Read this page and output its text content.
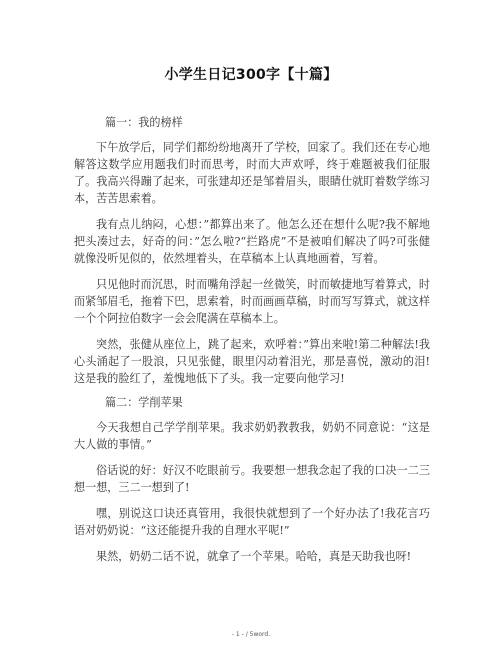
小学生日记300字【十篇】

篇一：我的榜样

下午放学后，同学们都纷纷地离开了学校，回家了。我们还在专心地解答这数学应用题我们时而思考，时而大声欢呼，终于难题被我们征服了。我高兴得蹦了起来，可张建却还是邹着眉头，眼睛仕就盯着数学练习本，苦苦思索着。

我有点儿纳闷，心想：”都算出来了。他怎么还在想什么呢?我不解地把头凑过去，好奇的问：”怎么啦?“拦路虎”不是被咱们解决了吗?可张健就像没听见似的，依然埋着头，在草稿本上认真地画着，写着。

只见他时而沉思，时而嘴角浮起一丝微笑，时而敏捷地写着算式，时而紧邹眉毛，拖着下巴，思索着，时而画画草稿，时而写写算式，就这样一个个阿拉伯数字一会会爬满在草稿本上。

突然，张健从座位上，跳了起来，欢呼着：”算出来啦!第二种解法!我心头涌起了一股浪，只见张健，眼里闪动着泪光，那是喜悦，激动的泪!这是我的脸红了，羞愧地低下了头。我一定要向他学习!

篇二：学削苹果

今天我想自己学学削苹果。我求奶奶教教我，奶奶不同意说：“这是大人做的事情。”

俗话说的好：好汉不吃眼前亏。我要想一想我念起了我的口决一二三想一想，三二一想到了!

嘿，别说这口诀还真管用，我很快就想到了一个好办法了!我花言巧语对奶奶说：“这还能提升我的自理水平呢!”

果然，奶奶二话不说，就拿了一个苹果。哈哈，真是天助我也呀!

- 1 - / 5word.
